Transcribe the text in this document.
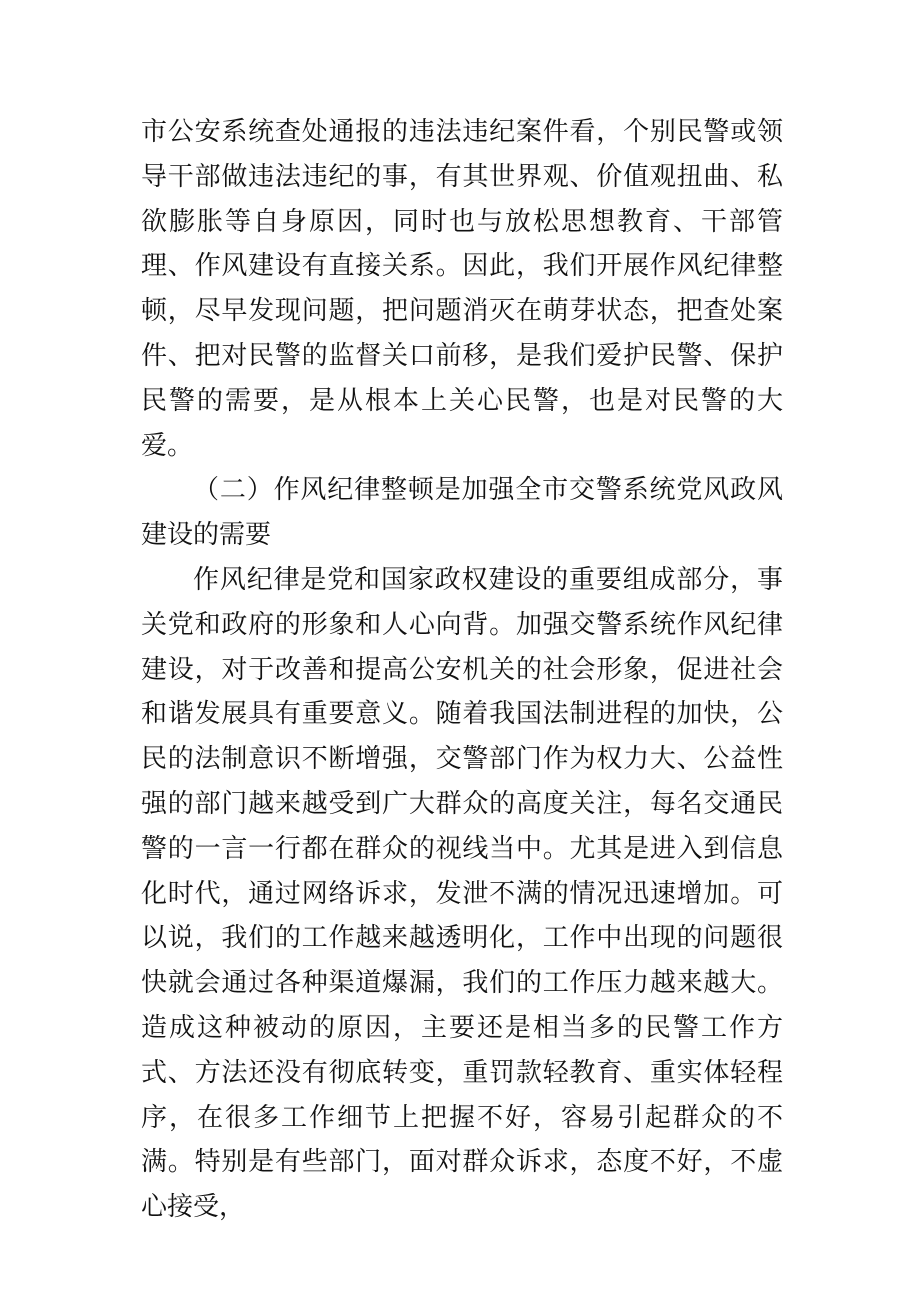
市公安系统查处通报的违法违纪案件看，个别民警或领导干部做违法违纪的事，有其世界观、价值观扭曲、私欲膨胀等自身原因，同时也与放松思想教育、干部管理、作风建设有直接关系。因此，我们开展作风纪律整顿，尽早发现问题，把问题消灭在萌芽状态，把查处案件、把对民警的监督关口前移，是我们爱护民警、保护民警的需要，是从根本上关心民警，也是对民警的大爱。

（二）作风纪律整顿是加强全市交警系统党风政风建设的需要

作风纪律是党和国家政权建设的重要组成部分，事关党和政府的形象和人心向背。加强交警系统作风纪律建设，对于改善和提高公安机关的社会形象，促进社会和谐发展具有重要意义。随着我国法制进程的加快，公民的法制意识不断增强，交警部门作为权力大、公益性强的部门越来越受到广大群众的高度关注，每名交通民警的一言一行都在群众的视线当中。尤其是进入到信息化时代，通过网络诉求，发泄不满的情况迅速增加。可以说，我们的工作越来越透明化，工作中出现的问题很快就会通过各种渠道爆漏，我们的工作压力越来越大。造成这种被动的原因，主要还是相当多的民警工作方式、方法还没有彻底转变，重罚款轻教育、重实体轻程序，在很多工作细节上把握不好，容易引起群众的不满。特别是有些部门，面对群众诉求，态度不好，不虚心接受，
